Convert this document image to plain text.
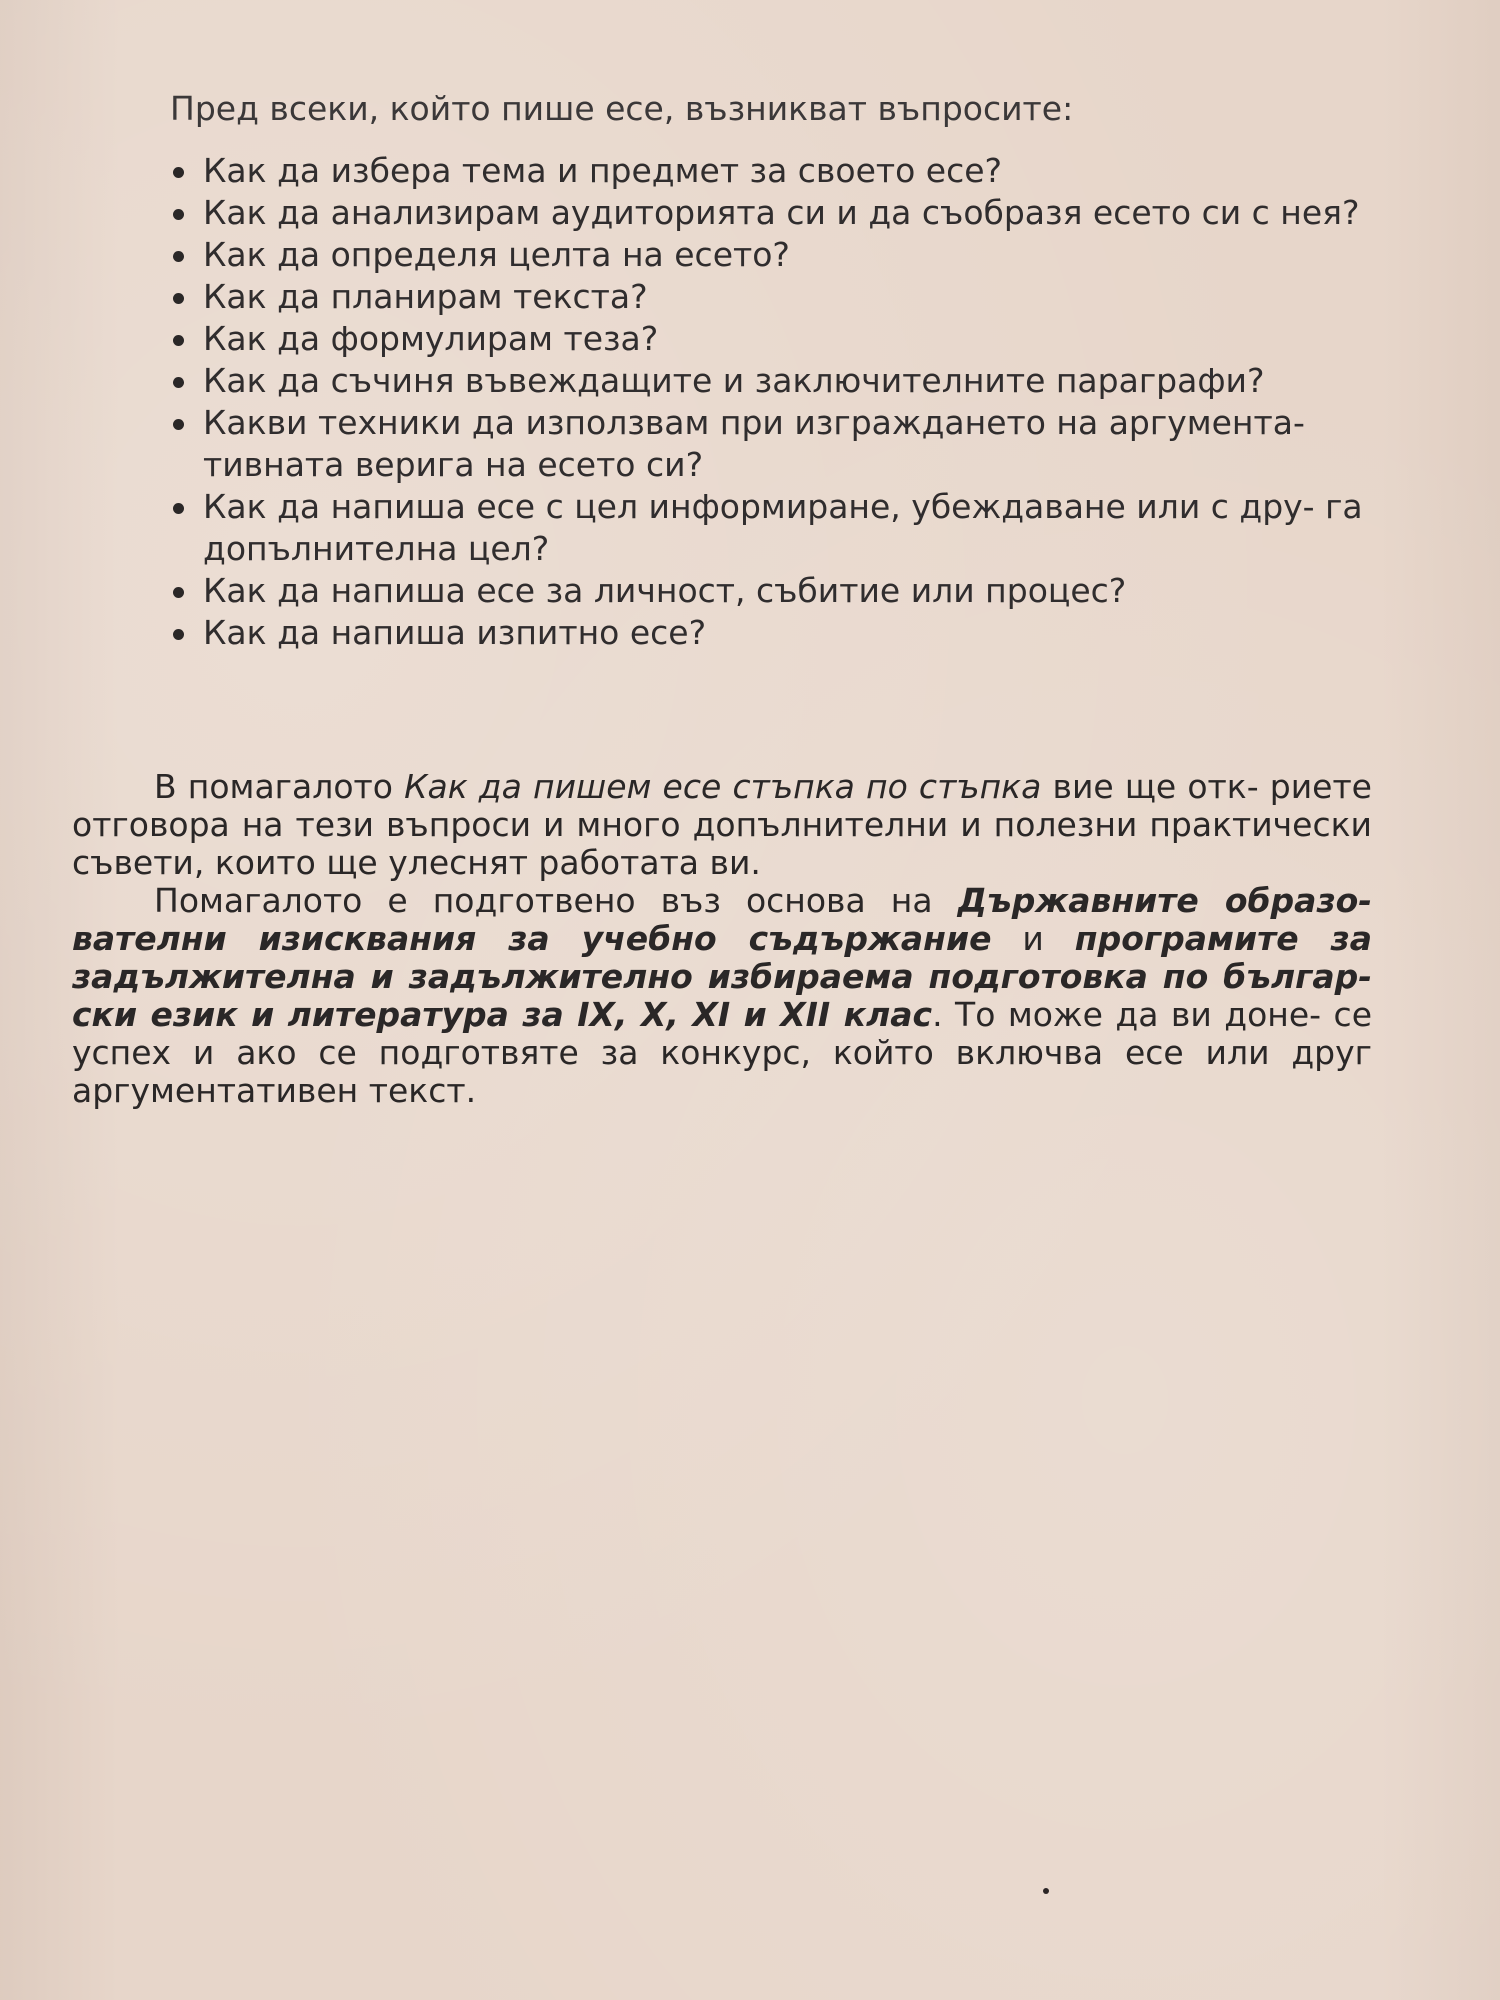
Пред всеки, който пише есе, възникват въпросите:

Как да избера тема и предмет за своето есе?
Как да анализирам аудиторията си и да съобразя есето си с нея?
Как да определя целта на есето?
Как да планирам текста?
Как да формулирам теза?
Как да съчиня въвеждащите и заключителните параграфи?
Какви техники да използвам при изграждането на аргумента- тивната верига на есето си?
Как да напиша есе с цел информиране, убеждаване или с дру- га допълнителна цел?
Как да напиша есе за личност, събитие или процес?
Как да напиша изпитно есе?

В помагалото Как да пишем есе стъпка по стъпка вие ще отк- риете отговора на тези въпроси и много допълнителни и полезни практически съвети, които ще улеснят работата ви.

Помагалото е подготвено въз основа на Държавните образо- вателни изисквания за учебно съдържание и програмите за задължителна и задължително избираема подготовка по българ- ски език и литература за IX, X, XI и XII клас. То може да ви доне- се успех и ако се подготвяте за конкурс, който включва есе или друг аргументативен текст.
